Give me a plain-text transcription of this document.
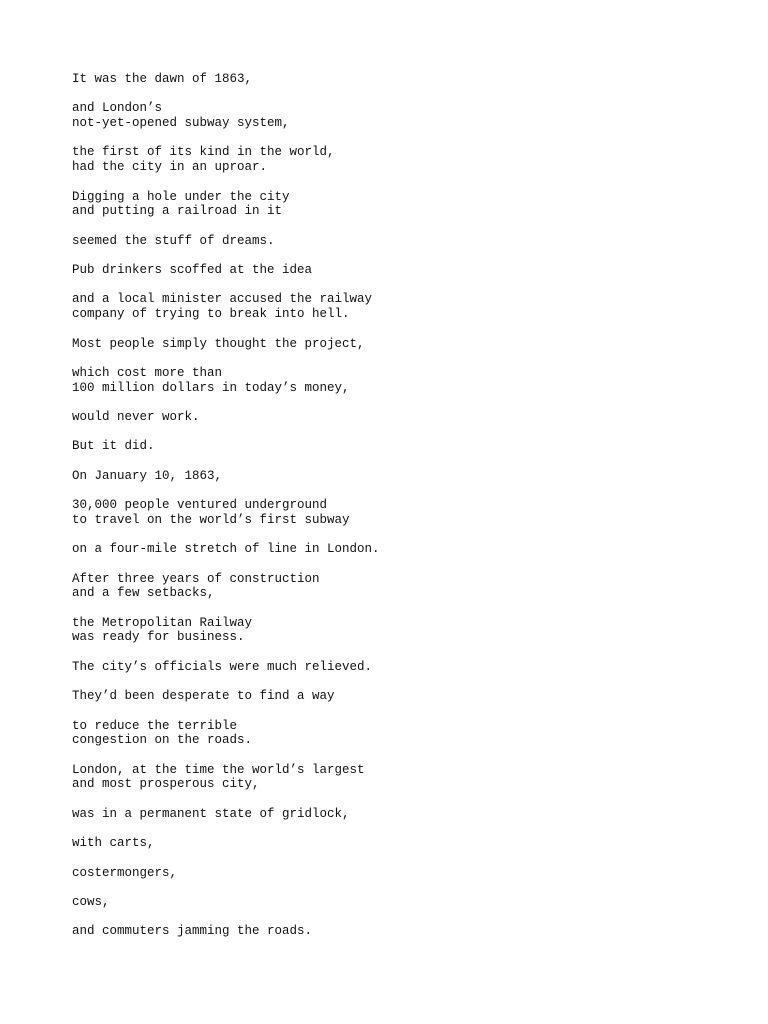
It was the dawn of 1863,

and London’s
not-yet-opened subway system,

the first of its kind in the world,
had the city in an uproar.

Digging a hole under the city
and putting a railroad in it

seemed the stuff of dreams.

Pub drinkers scoffed at the idea

and a local minister accused the railway
company of trying to break into hell.

Most people simply thought the project,

which cost more than
100 million dollars in today’s money,

would never work.

But it did.

On January 10, 1863,

30,000 people ventured underground
to travel on the world’s first subway

on a four-mile stretch of line in London.

After three years of construction
and a few setbacks,

the Metropolitan Railway
was ready for business.

The city’s officials were much relieved.

They’d been desperate to find a way

to reduce the terrible
congestion on the roads.

London, at the time the world’s largest
and most prosperous city,

was in a permanent state of gridlock,

with carts,

costermongers,

cows,

and commuters jamming the roads.
